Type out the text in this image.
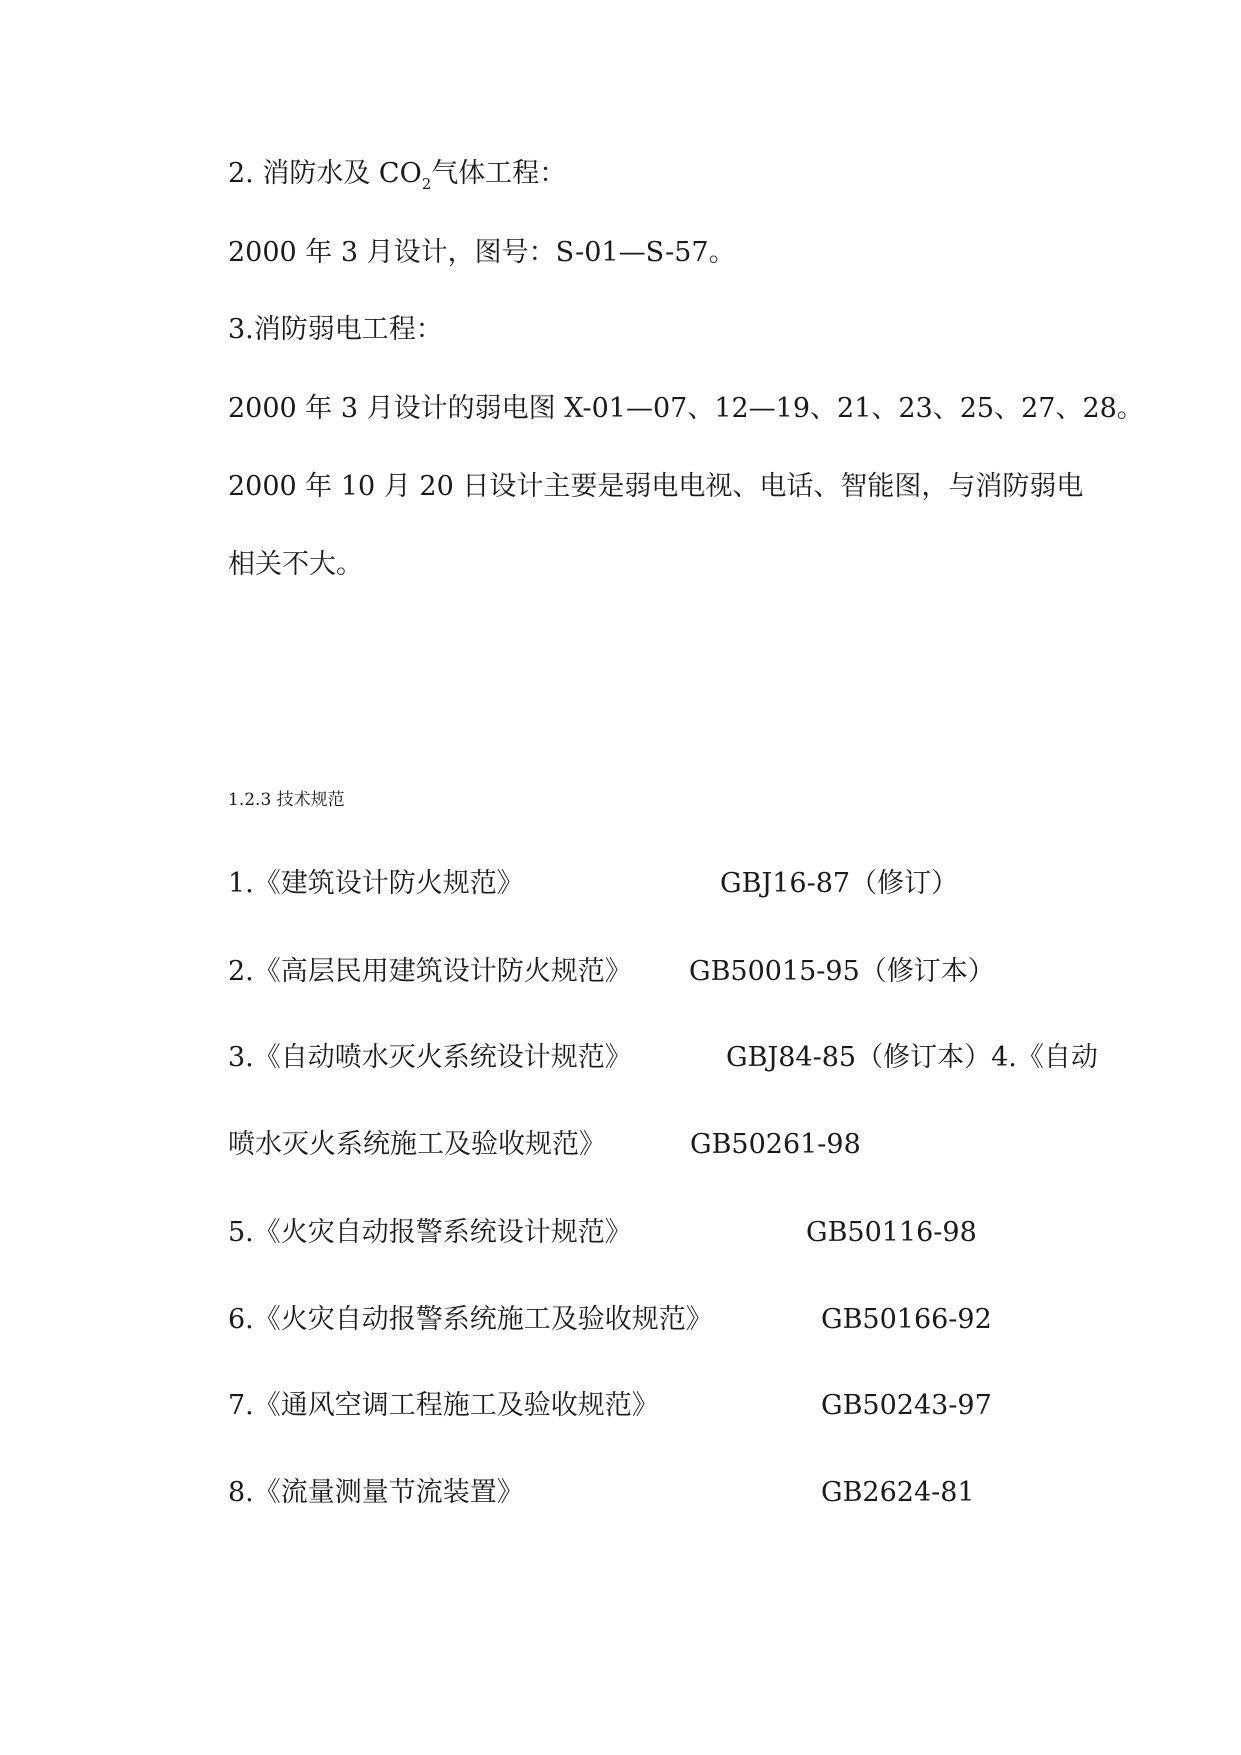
2. 消防水及 $CO_2$气体工程：
2000 年 3 月设计，图号：S-01—S-57。
3.消防弱电工程：
2000 年 3 月设计的弱电图 X-01—07、12—19、21、23、25、27、28。
2000 年 10 月 20 日设计主要是弱电电视、电话、智能图，与消防弱电
相关不大。
1.2.3 技术规范
1.《建筑设计防火规范》	GBJ16-87（修订）
2.《高层民用建筑设计防火规范》 GB50015-95（修订本）
3.《自动喷水灭火系统设计规范》	GBJ84-85（修订本）4.《自动
喷水灭火系统施工及验收规范》	GB50261-98
5.《火灾自动报警系统设计规范》	GB50116-98
6.《火灾自动报警系统施工及验收规范》	GB50166-92
7.《通风空调工程施工及验收规范》	GB50243-97
8.《流量测量节流装置》	GB2624-81
